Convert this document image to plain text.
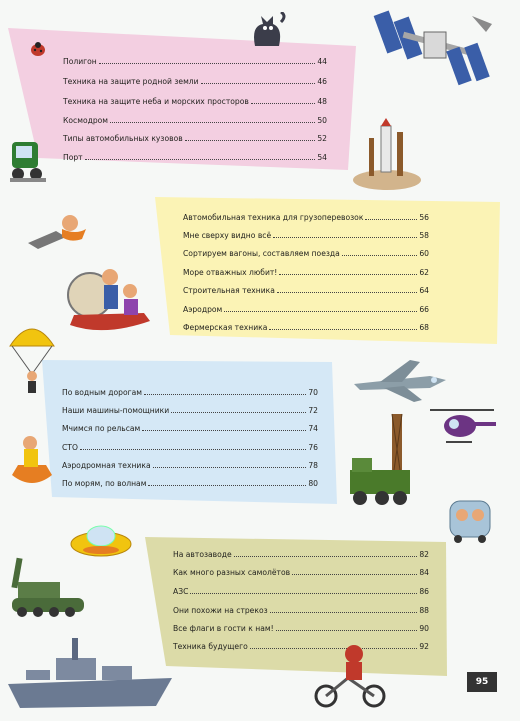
Полигон	44
Техника на защите родной земли	46
Техника на защите неба и морских просторов	48
Космодром	50
Типы автомобильных кузовов	52
Порт	54
Автомобильная техника для грузоперевозок	56
Мне сверху видно всё	58
Сортируем вагоны, составляем поезда	60
Море отважных любит!	62
Строительная техника	64
Аэродром	66
Фермерская техника	68
По водным дорогам	70
Наши машины-помощники	72
Мчимся по рельсам	74
СТО	76
Аэродромная техника	78
По морям, по волнам	80
На автозаводе	82
Как много разных самолётов	84
АЗС	86
Они похожи на стрекоз	88
Все флаги в гости к нам!	90
Техника будущего	92
95
